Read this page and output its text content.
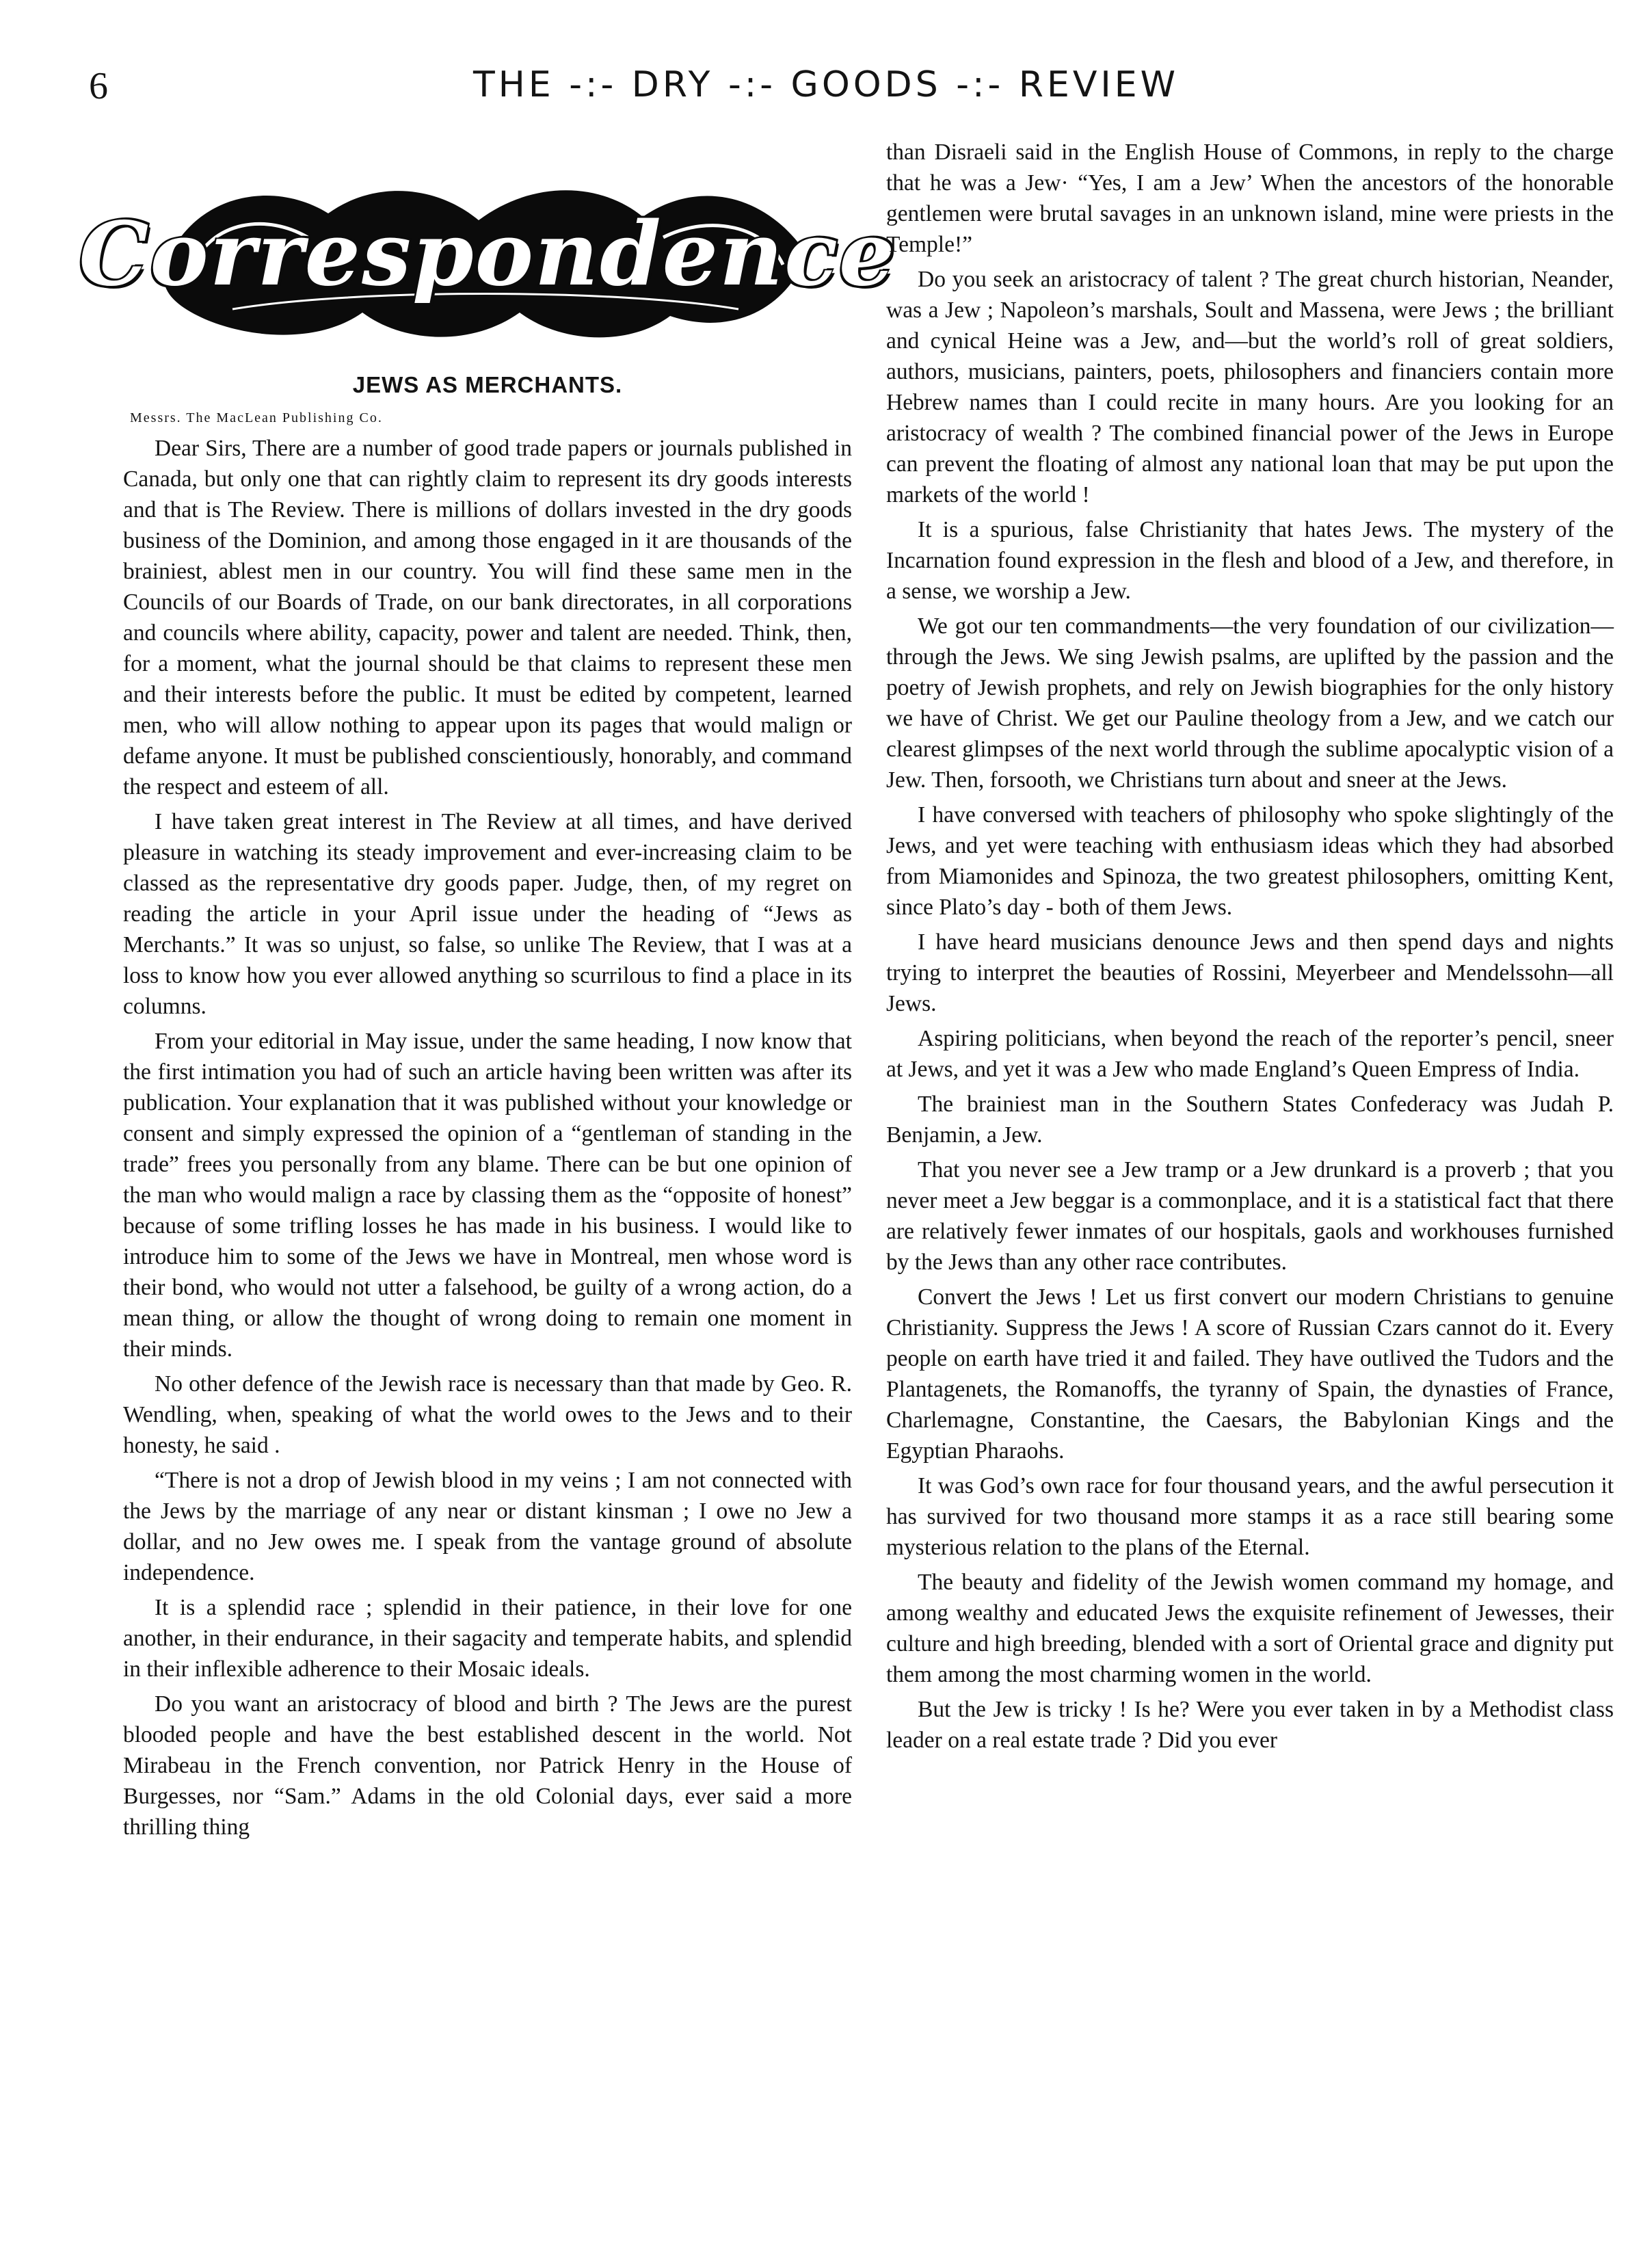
6	THE -:- DRY -:- GOODS -:- REVIEW
Correspondence
JEWS AS MERCHANTS.
Messrs. The MacLean Publishing Co.

Dear Sirs, There are a number of good trade papers or journals published in Canada, but only one that can rightly claim to represent its dry goods interests and that is The Review. There is millions of dollars invested in the dry goods business of the Dominion, and among those engaged in it are thousands of the brainiest, ablest men in our country. You will find these same men in the Councils of our Boards of Trade, on our bank directorates, in all corporations and councils where ability, capacity, power and talent are needed. Think, then, for a moment, what the journal should be that claims to represent these men and their interests before the public. It must be edited by competent, learned men, who will allow nothing to appear upon its pages that would malign or defame anyone. It must be published conscientiously, honorably, and command the respect and esteem of all.

I have taken great interest in The Review at all times, and have derived pleasure in watching its steady improvement and ever-increasing claim to be classed as the representative dry goods paper. Judge, then, of my regret on reading the article in your April issue under the heading of “Jews as Merchants.” It was so unjust, so false, so unlike The Review, that I was at a loss to know how you ever allowed anything so scurrilous to find a place in its columns.

From your editorial in May issue, under the same heading, I now know that the first intimation you had of such an article having been written was after its publication. Your explanation that it was published without your knowledge or consent and simply expressed the opinion of a “gentleman of standing in the trade” frees you personally from any blame. There can be but one opinion of the man who would malign a race by classing them as the “opposite of honest” because of some trifling losses he has made in his business. I would like to introduce him to some of the Jews we have in Montreal, men whose word is their bond, who would not utter a falsehood, be guilty of a wrong action, do a mean thing, or allow the thought of wrong doing to remain one moment in their minds.

No other defence of the Jewish race is necessary than that made by Geo. R. Wendling, when, speaking of what the world owes to the Jews and to their honesty, he said .

“There is not a drop of Jewish blood in my veins ; I am not connected with the Jews by the marriage of any near or distant kinsman ; I owe no Jew a dollar, and no Jew owes me. I speak from the vantage ground of absolute independence.

It is a splendid race ; splendid in their patience, in their love for one another, in their endurance, in their sagacity and temperate habits, and splendid in their inflexible adherence to their Mosaic ideals.

Do you want an aristocracy of blood and birth ? The Jews are the purest blooded people and have the best established descent in the world. Not Mirabeau in the French convention, nor Patrick Henry in the House of Burgesses, nor “Sam.” Adams in the old Colonial days, ever said a more thrilling thing

than Disraeli said in the English House of Commons, in reply to the charge that he was a Jew· “Yes, I am a Jew’ When the ancestors of the honorable gentlemen were brutal savages in an unknown island, mine were priests in the Temple!”

Do you seek an aristocracy of talent ? The great church historian, Neander, was a Jew ; Napoleon’s marshals, Soult and Massena, were Jews ; the brilliant and cynical Heine was a Jew, and—but the world’s roll of great soldiers, authors, musicians, painters, poets, philosophers and financiers contain more Hebrew names than I could recite in many hours. Are you looking for an aristocracy of wealth ? The combined financial power of the Jews in Europe can prevent the floating of almost any national loan that may be put upon the markets of the world !

It is a spurious, false Christianity that hates Jews. The mystery of the Incarnation found expression in the flesh and blood of a Jew, and therefore, in a sense, we worship a Jew.

We got our ten commandments—the very foundation of our civilization—through the Jews. We sing Jewish psalms, are uplifted by the passion and the poetry of Jewish prophets, and rely on Jewish biographies for the only history we have of Christ. We get our Pauline theology from a Jew, and we catch our clearest glimpses of the next world through the sublime apocalyptic vision of a Jew. Then, forsooth, we Christians turn about and sneer at the Jews.

I have conversed with teachers of philosophy who spoke slightingly of the Jews, and yet were teaching with enthusiasm ideas which they had absorbed from Miamonides and Spinoza, the two greatest philosophers, omitting Kent, since Plato’s day - both of them Jews.

I have heard musicians denounce Jews and then spend days and nights trying to interpret the beauties of Rossini, Meyerbeer and Mendelssohn—all Jews.

Aspiring politicians, when beyond the reach of the reporter’s pencil, sneer at Jews, and yet it was a Jew who made England’s Queen Empress of India.

The brainiest man in the Southern States Confederacy was Judah P. Benjamin, a Jew.

That you never see a Jew tramp or a Jew drunkard is a proverb ; that you never meet a Jew beggar is a commonplace, and it is a statistical fact that there are relatively fewer inmates of our hospitals, gaols and workhouses furnished by the Jews than any other race contributes.

Convert the Jews ! Let us first convert our modern Christians to genuine Christianity. Suppress the Jews ! A score of Russian Czars cannot do it. Every people on earth have tried it and failed. They have outlived the Tudors and the Plantagenets, the Romanoffs, the tyranny of Spain, the dynasties of France, Charlemagne, Constantine, the Caesars, the Babylonian Kings and the Egyptian Pharaohs.

It was God’s own race for four thousand years, and the awful persecution it has survived for two thousand more stamps it as a race still bearing some mysterious relation to the plans of the Eternal.

The beauty and fidelity of the Jewish women command my homage, and among wealthy and educated Jews the exquisite refinement of Jewesses, their culture and high breeding, blended with a sort of Oriental grace and dignity put them among the most charming women in the world.

But the Jew is tricky ! Is he? Were you ever taken in by a Methodist class leader on a real estate trade ? Did you ever
